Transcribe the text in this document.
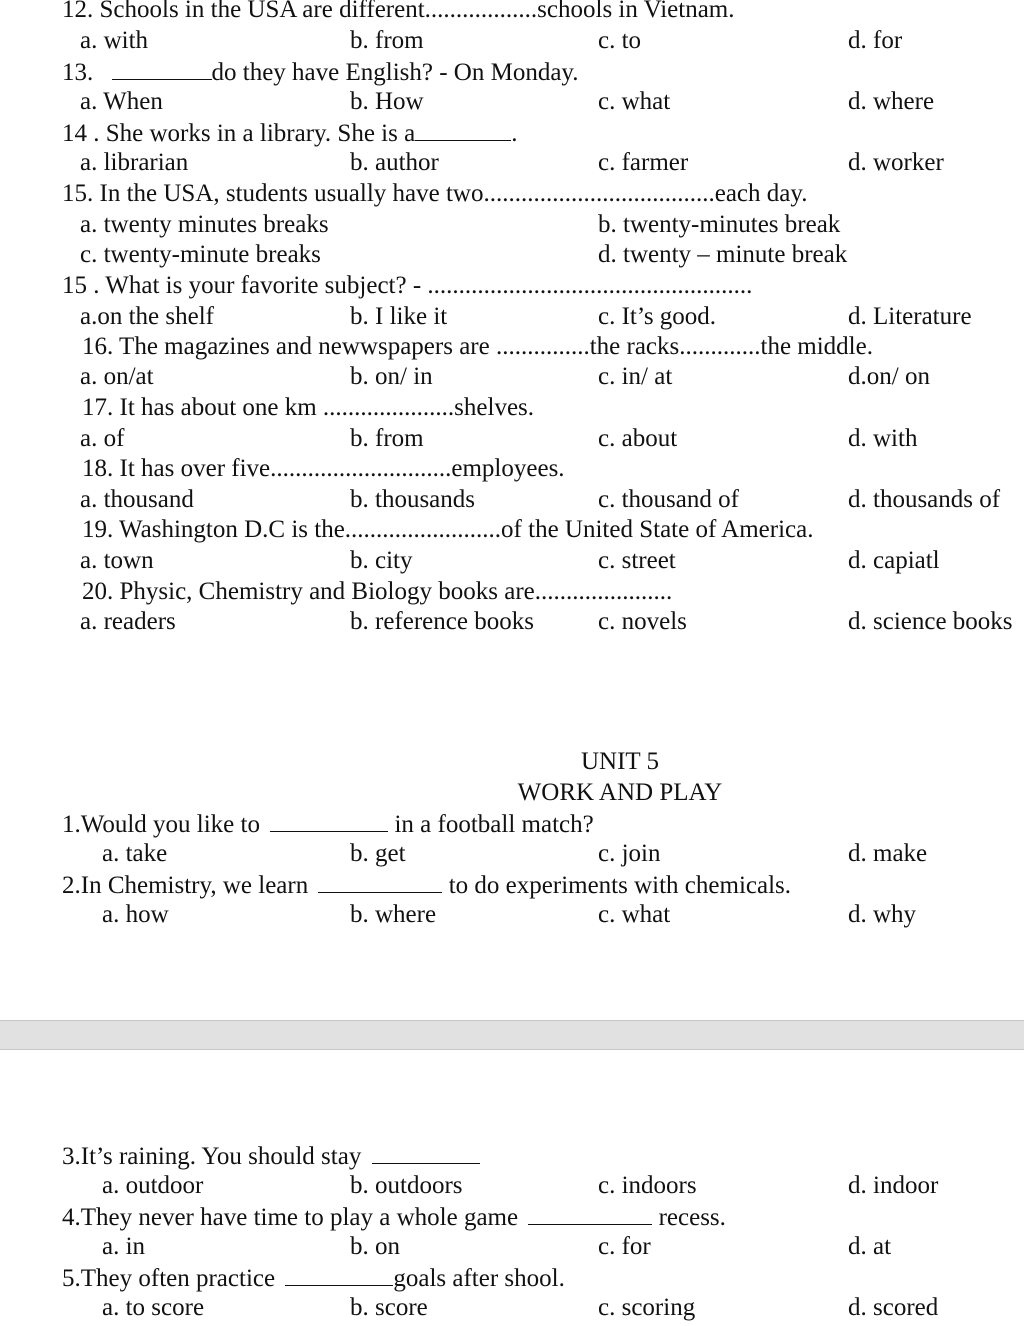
12. Schools in the USA are different..................schools in Vietnam.
a. with	b. from	c. to	d. for
13.	do they have English? - On Monday.
a. When	b. How	c. what	d. where
14 . She works in a library. She is a	.
a. librarian	b. author	c. farmer	d. worker
15. In the USA, students usually have two.....................................each day.
a. twenty minutes breaks	b. twenty-minutes break
c. twenty-minute breaks	d. twenty – minute break
15 . What is your favorite subject? - ....................................................
a.on the shelf	b. I like it	c. It’s good.	d. Literature
16. The magazines and newwspapers are ...............the racks.............the middle.
a. on/at	b. on/ in	c. in/ at	d.on/ on
17. It has about one km .....................shelves.
a. of	b. from	c. about	d. with
18. It has over five.............................employees.
a. thousand	b. thousands	c. thousand of	d. thousands of
19. Washington D.C is the.........................of the United State of America.
a. town	b. city	c. street	d. capiatl
20. Physic, Chemistry and Biology books are......................
a. readers	b. reference books	c. novels	d. science books
UNIT 5
WORK AND PLAY
1.Would you like to	in a football match?
a. take	b. get	c. join	d. make
2.In Chemistry, we learn	to do experiments with chemicals.
a. how	b. where	c. what	d. why
3.It’s raining. You should stay
a. outdoor	b. outdoors	c. indoors	d. indoor
4.They never have time to play a whole game	recess.
a. in	b. on	c. for	d. at
5.They often practice	goals after shool.
a. to score	b. score	c. scoring	d. scored
